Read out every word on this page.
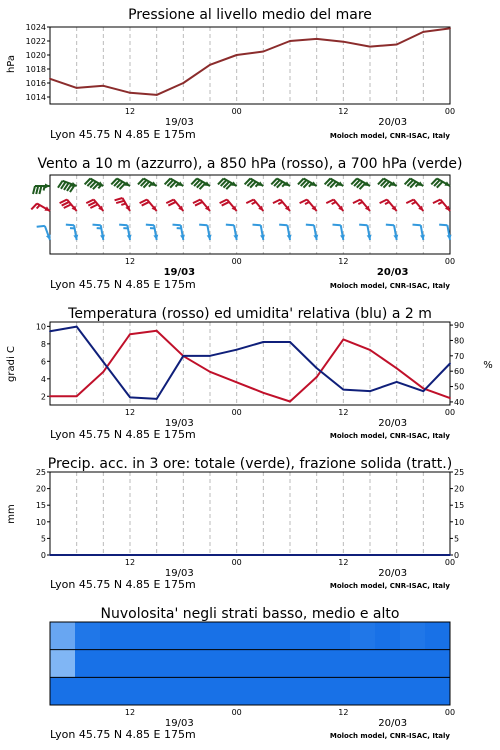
Pressione al livello medio del mare
12	00	12	00
19/03	20/03
1014
1016
1018
1020
1022
1024
hPa
Lyon 45.75 N 4.85 E 175m	Moloch model, CNR-ISAC, Italy
Vento a 10 m (azzurro), a 850 hPa (rosso), a 700 hPa (verde)
12	00	12	00
19/03	20/03
Lyon 45.75 N 4.85 E 175m	Moloch model, CNR-ISAC, Italy
Temperatura (rosso) ed umidita' relativa (blu) a 2 m
12	00	12	00
19/03	20/03
2
4
6
8
10
40
50
60
70
80
90
gradi C	%
Lyon 45.75 N 4.85 E 175m	Moloch model, CNR-ISAC, Italy
Precip. acc. in 3 ore: totale (verde), frazione solida (tratt.)
12	00	12	00
19/03	20/03
0
5
10
15
20
25
0
5
10
15
20
25
mm
Lyon 45.75 N 4.85 E 175m	Moloch model, CNR-ISAC, Italy
Nuvolosita' negli strati basso, medio e alto
12	00	12	00
19/03	20/03
Lyon 45.75 N 4.85 E 175m	Moloch model, CNR-ISAC, Italy
